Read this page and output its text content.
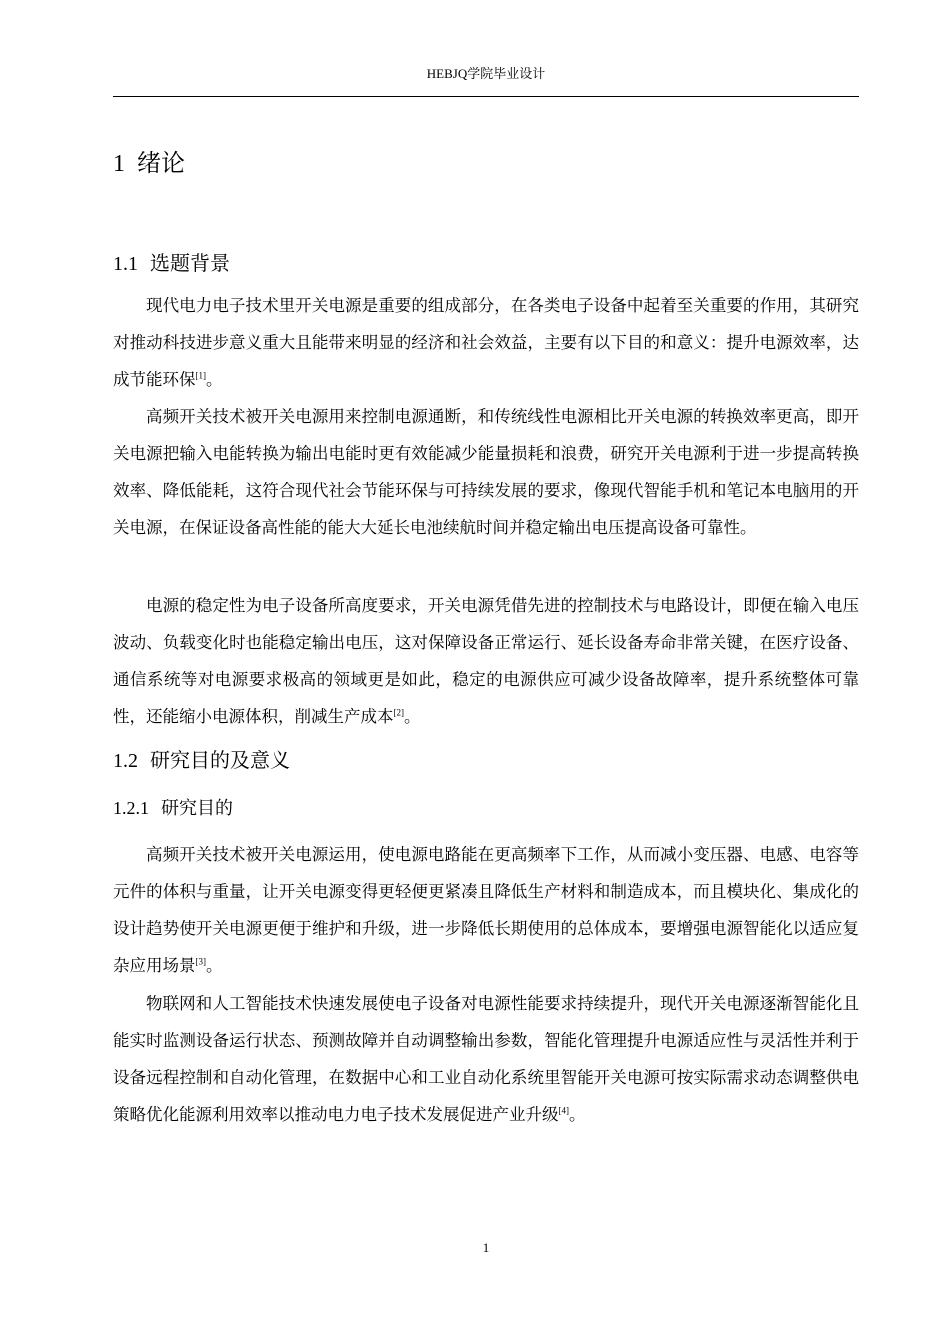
HEBJQ学院毕业设计
1 绪论
1.1 选题背景

现代电力电子技术里开关电源是重要的组成部分，在各类电子设备中起着至关重要的作用，其研究对推动科技进步意义重大且能带来明显的经济和社会效益，主要有以下目的和意义：提升电源效率，达成节能环保[1]。

高频开关技术被开关电源用来控制电源通断，和传统线性电源相比开关电源的转换效率更高，即开关电源把输入电能转换为输出电能时更有效能减少能量损耗和浪费，研究开关电源利于进一步提高转换效率、降低能耗，这符合现代社会节能环保与可持续发展的要求，像现代智能手机和笔记本电脑用的开关电源，在保证设备高性能的能大大延长电池续航时间并稳定输出电压提高设备可靠性。

电源的稳定性为电子设备所高度要求，开关电源凭借先进的控制技术与电路设计，即便在输入电压波动、负载变化时也能稳定输出电压，这对保障设备正常运行、延长设备寿命非常关键，在医疗设备、通信系统等对电源要求极高的领域更是如此，稳定的电源供应可减少设备故障率，提升系统整体可靠性，还能缩小电源体积，削减生产成本[2]。

1.2 研究目的及意义
1.2.1 研究目的

高频开关技术被开关电源运用，使电源电路能在更高频率下工作，从而减小变压器、电感、电容等元件的体积与重量，让开关电源变得更轻便更紧凑且降低生产材料和制造成本，而且模块化、集成化的设计趋势使开关电源更便于维护和升级，进一步降低长期使用的总体成本，要增强电源智能化以适应复杂应用场景[3]。

物联网和人工智能技术快速发展使电子设备对电源性能要求持续提升，现代开关电源逐渐智能化且能实时监测设备运行状态、预测故障并自动调整输出参数，智能化管理提升电源适应性与灵活性并利于设备远程控制和自动化管理，在数据中心和工业自动化系统里智能开关电源可按实际需求动态调整供电策略优化能源利用效率以推动电力电子技术发展促进产业升级[4]。

1
